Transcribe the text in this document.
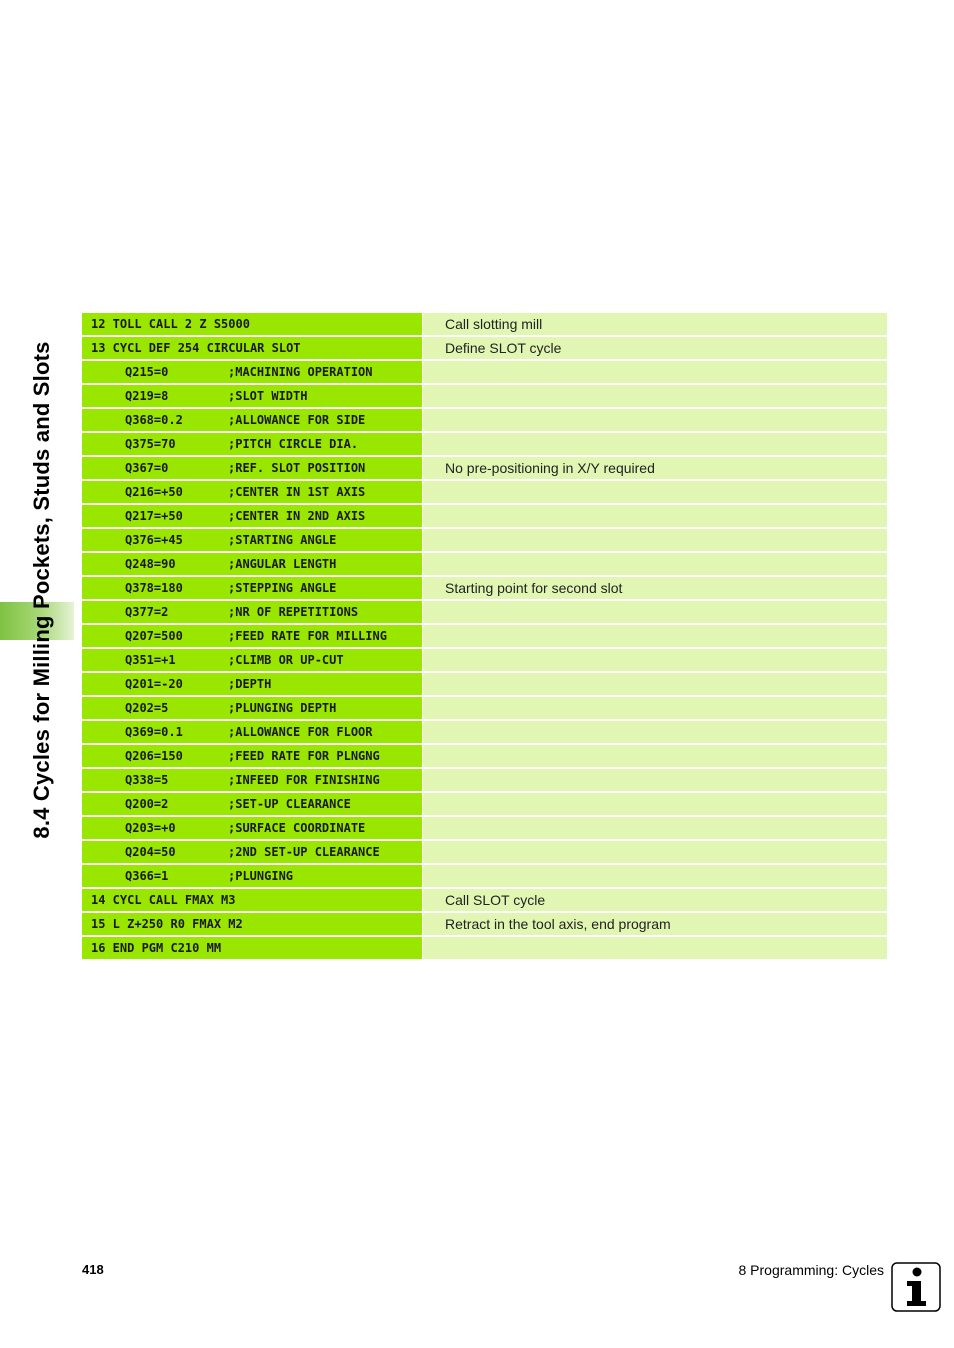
8.4 Cycles for Milling Pockets, Studs and Slots
12 TOLL CALL 2 Z S5000	Call slotting mill
13 CYCL DEF 254 CIRCULAR SLOT	Define SLOT cycle
Q215=0	;MACHINING OPERATION
Q219=8	;SLOT WIDTH
Q368=0.2	;ALLOWANCE FOR SIDE
Q375=70	;PITCH CIRCLE DIA.
Q367=0	;REF. SLOT POSITION	No pre-positioning in X/Y required
Q216=+50	;CENTER IN 1ST AXIS
Q217=+50	;CENTER IN 2ND AXIS
Q376=+45	;STARTING ANGLE
Q248=90	;ANGULAR LENGTH
Q378=180	;STEPPING ANGLE	Starting point for second slot
Q377=2	;NR OF REPETITIONS
Q207=500	;FEED RATE FOR MILLING
Q351=+1	;CLIMB OR UP-CUT
Q201=-20	;DEPTH
Q202=5	;PLUNGING DEPTH
Q369=0.1	;ALLOWANCE FOR FLOOR
Q206=150	;FEED RATE FOR PLNGNG
Q338=5	;INFEED FOR FINISHING
Q200=2	;SET-UP CLEARANCE
Q203=+0	;SURFACE COORDINATE
Q204=50	;2ND SET-UP CLEARANCE
Q366=1	;PLUNGING
14 CYCL CALL FMAX M3	Call SLOT cycle
15 L Z+250 R0 FMAX M2	Retract in the tool axis, end program
16 END PGM C210 MM
418	8 Programming: Cycles
